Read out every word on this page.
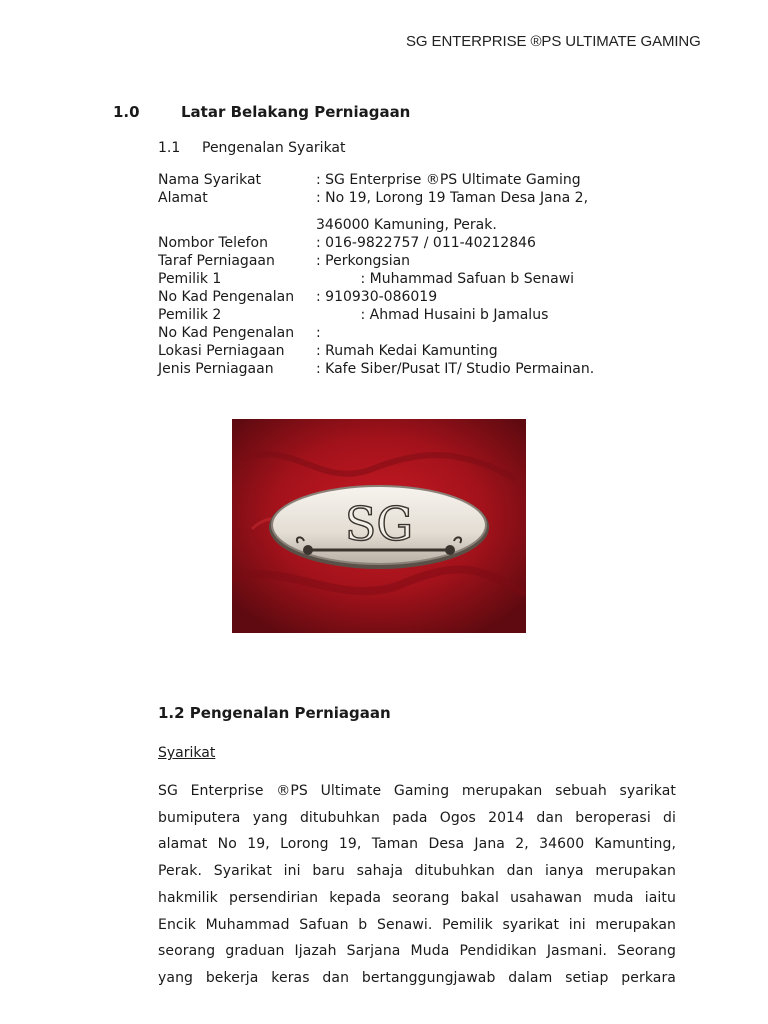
SG ENTERPRISE ®PS ULTIMATE GAMING
1.0	Latar Belakang Perniagaan
1.1 Pengenalan Syarikat
Nama Syarikat	: SG Enterprise ®PS Ultimate Gaming
Alamat	: No 19, Lorong 19 Taman Desa Jana 2,
346000 Kamuning, Perak.
Nombor Telefon	: 016-9822757 / 011-40212846
Taraf Perniagaan	: Perkongsian
Pemilik 1	: Muhammad Safuan b Senawi
No Kad Pengenalan : 910930-086019
Pemilik 2	: Ahmad Husaini b Jamalus
No Kad Pengenalan :
Lokasi Perniagaan : Rumah Kedai Kamunting
Jenis Perniagaan	: Kafe Siber/Pusat IT/ Studio Permainan.
SG
1.2 Pengenalan Perniagaan
Syarikat
SG Enterprise ®PS Ultimate Gaming merupakan sebuah syarikat
bumiputera yang ditubuhkan pada Ogos 2014 dan beroperasi di
alamat No 19, Lorong 19, Taman Desa Jana 2, 34600 Kamunting,
Perak. Syarikat ini baru sahaja ditubuhkan dan ianya merupakan
hakmilik persendirian kepada seorang bakal usahawan muda iaitu
Encik Muhammad Safuan b Senawi. Pemilik syarikat ini merupakan
seorang graduan Ijazah Sarjana Muda Pendidikan Jasmani. Seorang
yang bekerja keras dan bertanggungjawab dalam setiap perkara
